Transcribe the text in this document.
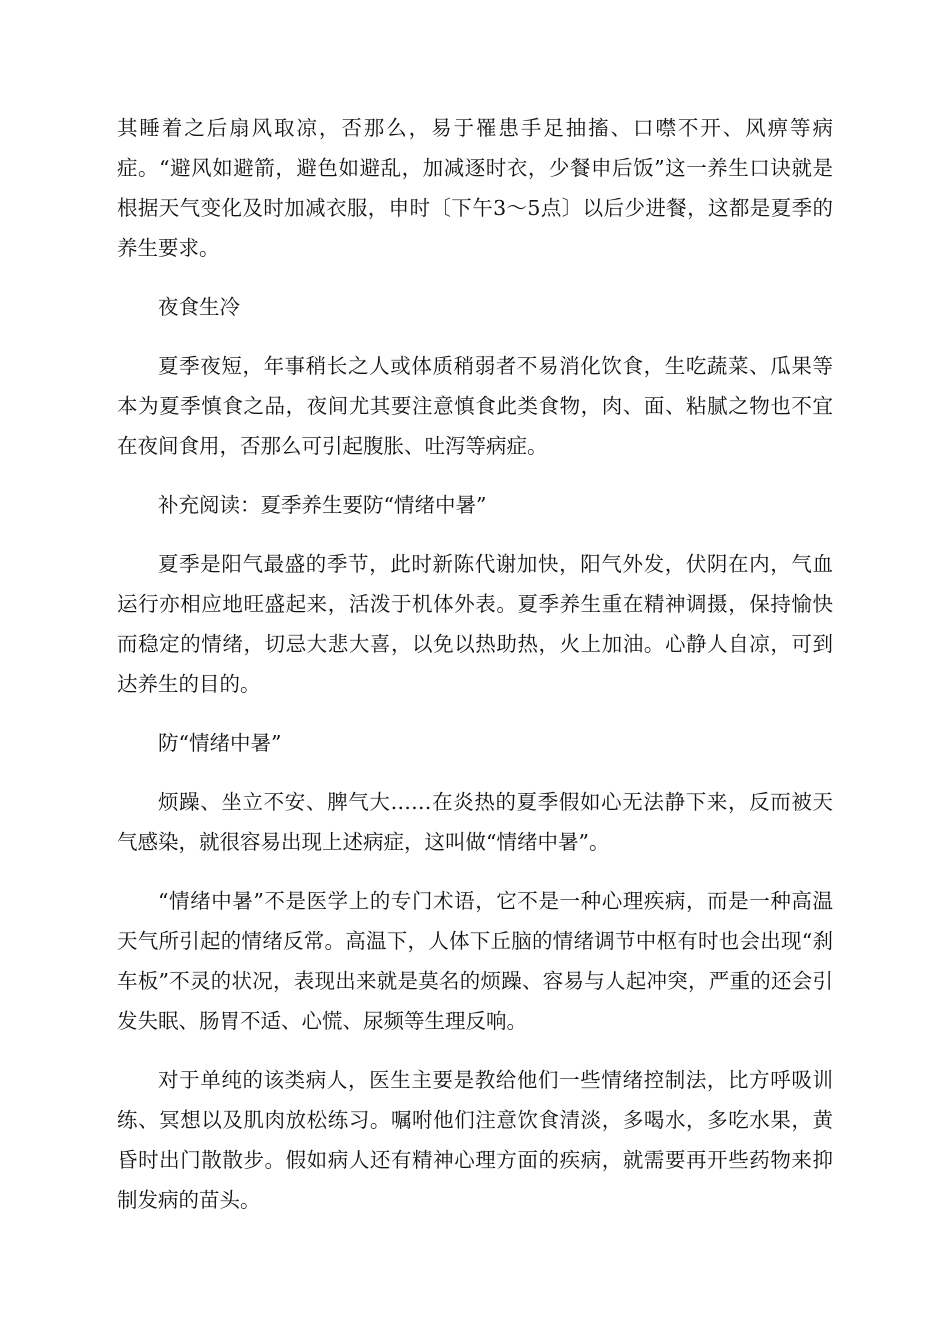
其睡着之后扇风取凉，否那么，易于罹患手足抽搐、口噤不开、风痹等病症。“避风如避箭，避色如避乱，加减逐时衣，少餐申后饭”这一养生口诀就是根据天气变化及时加减衣服，申时〔下午3～5点〕以后少进餐，这都是夏季的养生要求。

夜食生冷

夏季夜短，年事稍长之人或体质稍弱者不易消化饮食，生吃蔬菜、瓜果等本为夏季慎食之品，夜间尤其要注意慎食此类食物，肉、面、粘腻之物也不宜在夜间食用，否那么可引起腹胀、吐泻等病症。

补充阅读：夏季养生要防“情绪中暑”

夏季是阳气最盛的季节，此时新陈代谢加快，阳气外发，伏阴在内，气血运行亦相应地旺盛起来，活泼于机体外表。夏季养生重在精神调摄，保持愉快而稳定的情绪，切忌大悲大喜，以免以热助热，火上加油。心静人自凉，可到达养生的目的。

防“情绪中暑”

烦躁、坐立不安、脾气大……在炎热的夏季假如心无法静下来，反而被天气感染，就很容易出现上述病症，这叫做“情绪中暑”。

“情绪中暑”不是医学上的专门术语，它不是一种心理疾病，而是一种高温天气所引起的情绪反常。高温下，人体下丘脑的情绪调节中枢有时也会出现“刹车板”不灵的状况，表现出来就是莫名的烦躁、容易与人起冲突，严重的还会引发失眠、肠胃不适、心慌、尿频等生理反响。

对于单纯的该类病人，医生主要是教给他们一些情绪控制法，比方呼吸训练、冥想以及肌肉放松练习。嘱咐他们注意饮食清淡，多喝水，多吃水果，黄昏时出门散散步。假如病人还有精神心理方面的疾病，就需要再开些药物来抑制发病的苗头。
